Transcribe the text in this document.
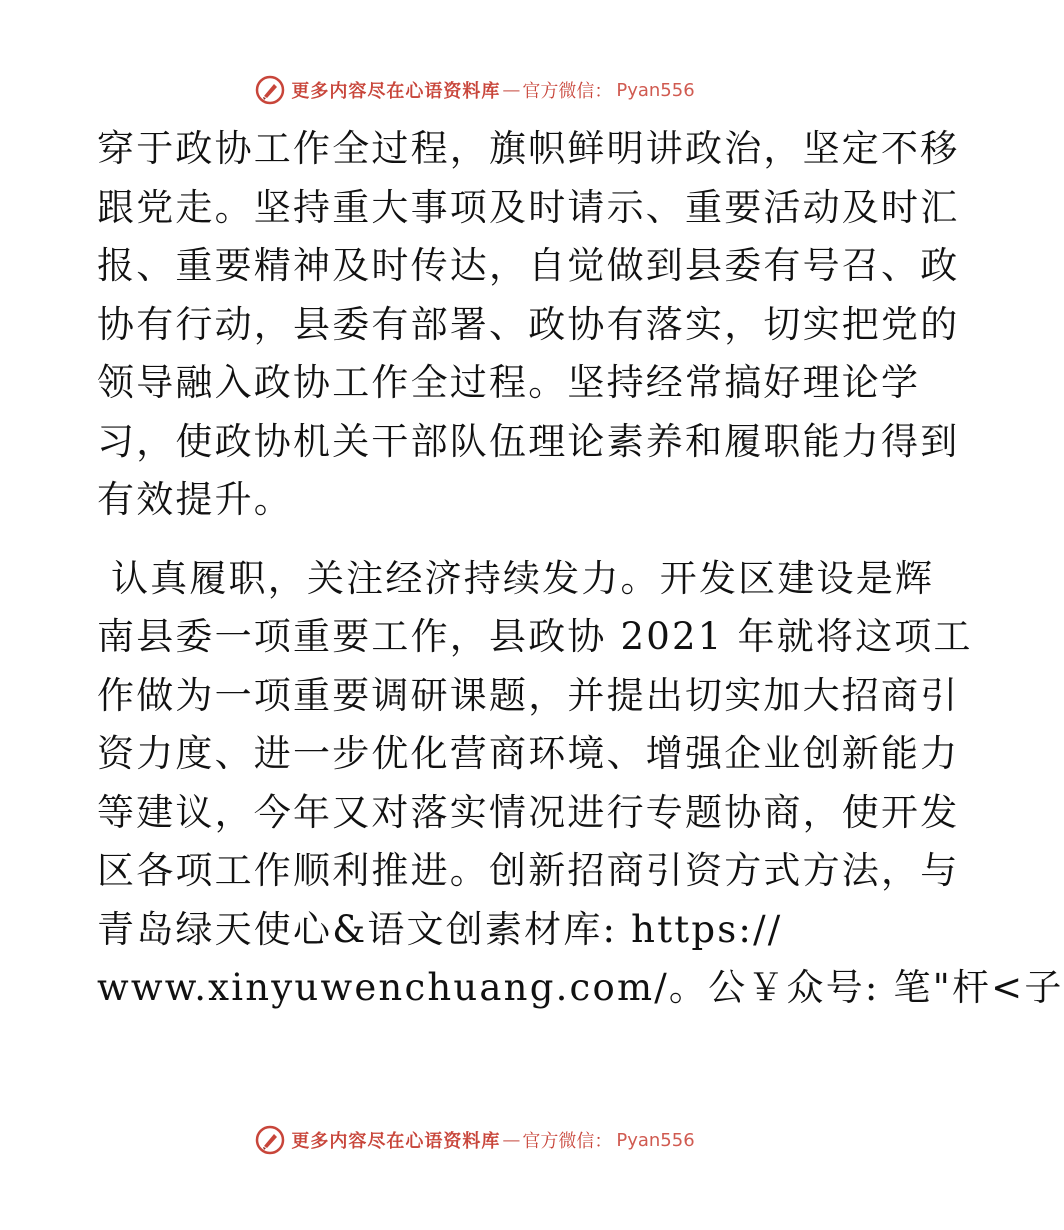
更多内容尽在心语资料库 — 官方微信： Pyan556
穿于政协工作全过程，旗帜鲜明讲政治，坚定不移
跟党走。坚持重大事项及时请示、重要活动及时汇
报、重要精神及时传达，自觉做到县委有号召、政
协有行动，县委有部署、政协有落实，切实把党的
领导融入政协工作全过程。坚持经常搞好理论学
习，使政协机关干部队伍理论素养和履职能力得到
有效提升。
认真履职，关注经济持续发力。开发区建设是辉
南县委一项重要工作，县政协 2021 年就将这项工
作做为一项重要调研课题，并提出切实加大招商引
资力度、进一步优化营商环境、增强企业创新能力
等建议，今年又对落实情况进行专题协商，使开发
区各项工作顺利推进。创新招商引资方式方法，与
青岛绿天使心&语文创素材库: https://
www.xinyuwenchuang.com/。公￥众号: 笔"杆<子
更多内容尽在心语资料库 — 官方微信： Pyan556
